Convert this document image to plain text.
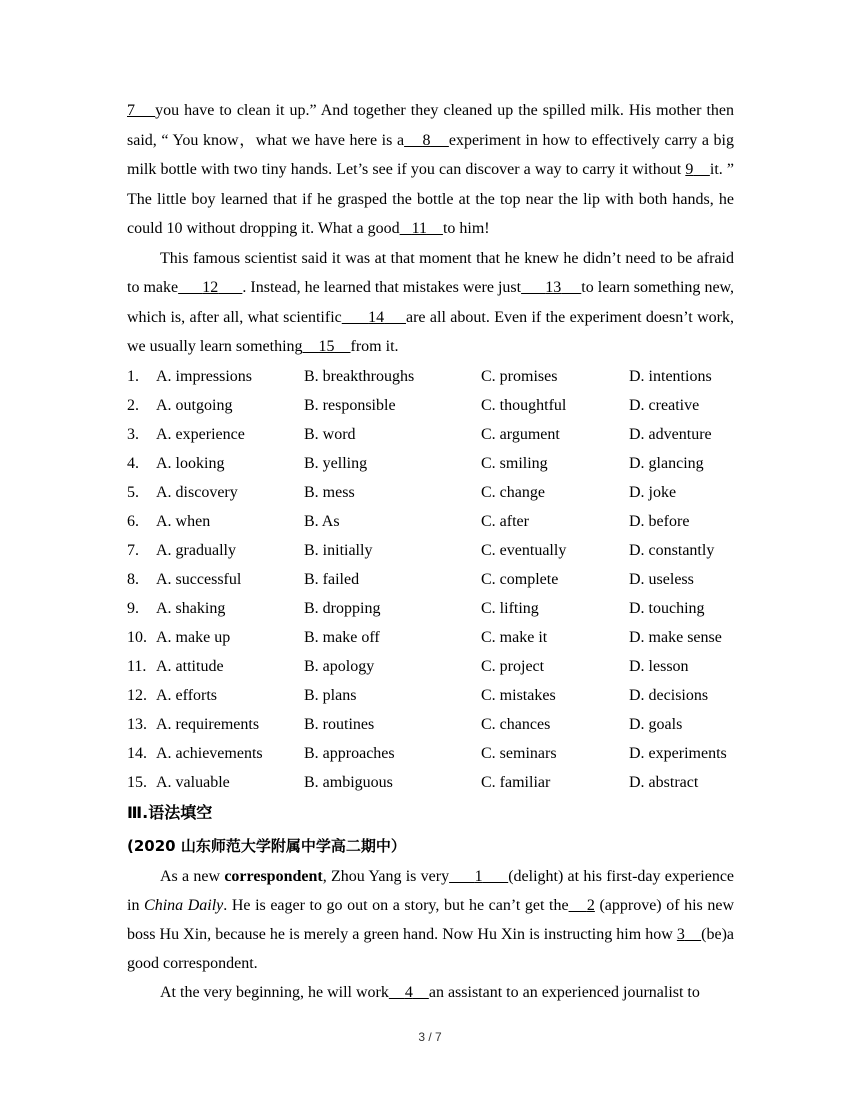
7 you have to clean it up.” And together they cleaned up the spilled milk. His mother then said, “ You know，what we have here is a 8 experiment in how to effectively carry a big milk bottle with two tiny hands. Let’s see if you can discover a way to carry it without 9 it. ” The little boy learned that if he grasped the bottle at the top near the lip with both hands, he could 10 without dropping it. What a good 11 to him!

This famous scientist said it was at that moment that he knew he didn’t need to be afraid to make 12 . Instead, he learned that mistakes were just 13 to learn something new, which is, after all, what scientific 14 are all about. Even if the experiment doesn’t work, we usually learn something 15 from it.

1.	A. impressions	B. breakthroughs	C. promises	D. intentions
2.	A. outgoing	B. responsible	C. thoughtful	D. creative
3.	A. experience	B. word	C. argument	D. adventure
4.	A. looking	B. yelling	C. smiling	D. glancing
5.	A. discovery	B. mess	C. change	D. joke
6.	A. when	B. As	C. after	D. before
7.	A. gradually	B. initially	C. eventually	D. constantly
8.	A. successful	B. failed	C. complete	D. useless
9.	A. shaking	B. dropping	C. lifting	D. touching
10. A. make up	B. make off	C. make it	D. make sense
11. A. attitude	B. apology	C. project	D. lesson
12. A. efforts	B. plans	C. mistakes	D. decisions
13. A. requirements	B. routines	C. chances	D. goals
14. A. achievements	B. approaches	C. seminars	D. experiments
15. A. valuable	B. ambiguous	C. familiar	D. abstract
Ⅲ.语法填空
(2020 山东师范大学附属中学高二期中）

As a new correspondent, Zhou Yang is very 1 (delight) at his first-day experience in China Daily. He is eager to go out on a story, but he can’t get the 2 (approve) of his new boss Hu Xin, because he is merely a green hand. Now Hu Xin is instructing him how 3 (be)a good correspondent.

At the very beginning, he will work 4 an assistant to an experienced journalist to

3 / 7
